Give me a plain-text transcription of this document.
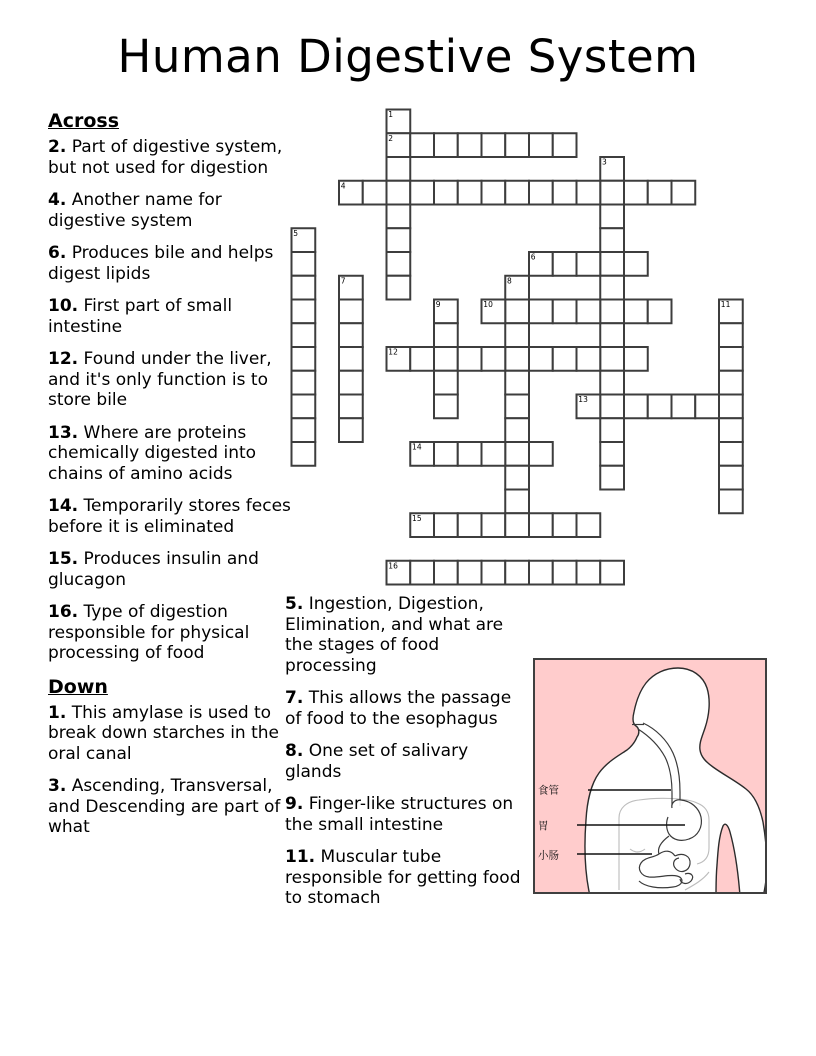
Human Digestive System
Across

2. Part of digestive system, but not used for digestion

4. Another name for digestive system

6. Produces bile and helps digest lipids

10. First part of small intestine

12. Found under the liver, and it's only function is to store bile

13. Where are proteins chemically digested into chains of amino acids

14. Temporarily stores feces before it is eliminated

15. Produces insulin and glucagon

16. Type of digestion responsible for physical processing of food

Down

1. This amylase is used to break down starches in the oral canal

3. Ascending, Transversal, and Descending are part of what

5. Ingestion, Digestion, Elimination, and what are the stages of food processing

7. This allows the passage of food to the esophagus

8. One set of salivary glands

9. Finger-like structures on the small intestine

11. Muscular tube responsible for getting food to stomach

1
2
3
4
5
6
7	8
9	10	11
12
13
14
15
16
食管
胃
小肠
